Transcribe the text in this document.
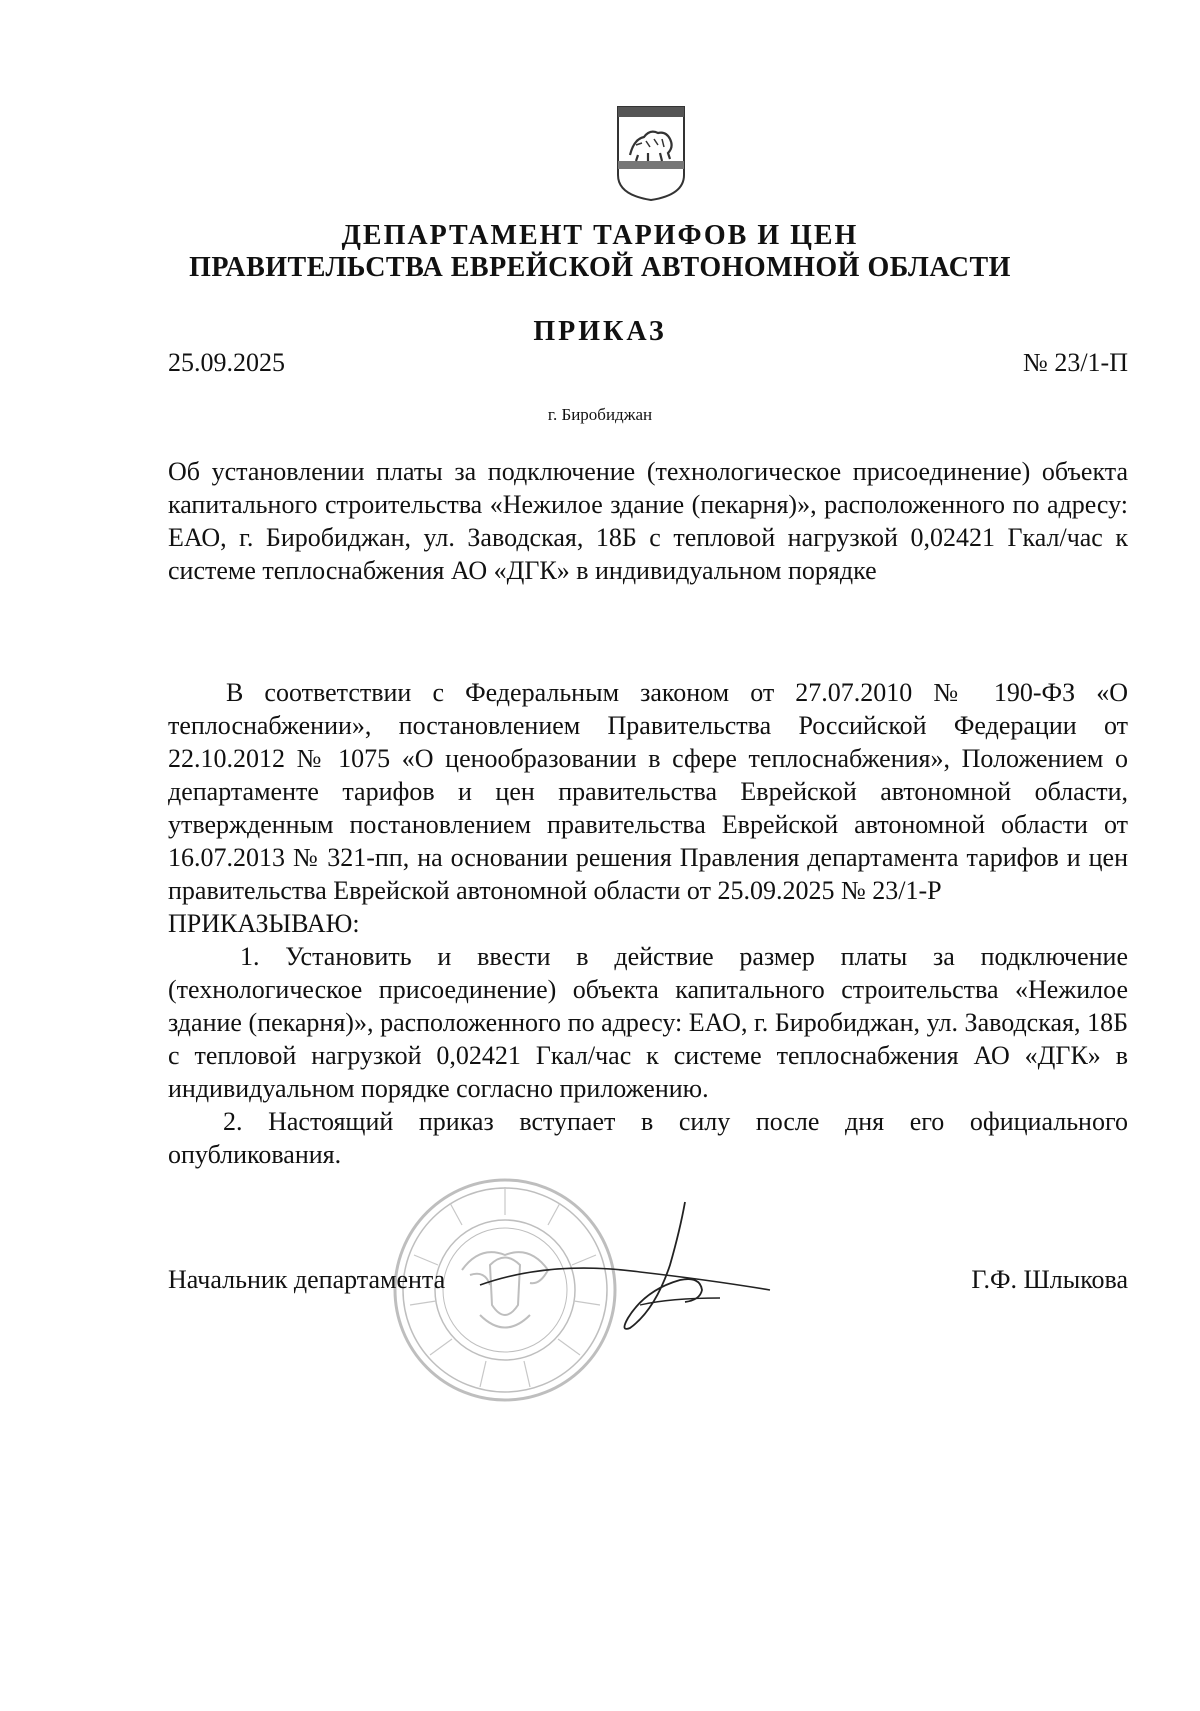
ДЕПАРТАМЕНТ ТАРИФОВ И ЦЕН
ПРАВИТЕЛЬСТВА ЕВРЕЙСКОЙ АВТОНОМНОЙ ОБЛАСТИ
ПРИКАЗ
25.09.2025	№ 23/1-П
г. Биробиджан
Об установлении платы за подключение (технологическое присоединение) объекта капитального строительства «Нежилое здание (пекарня)», расположенного по адресу: ЕАО, г. Биробиджан, ул. Заводская, 18Б с тепловой нагрузкой 0,02421 Гкал/час к системе теплоснабжения АО «ДГК» в индивидуальном порядке

В соответствии с Федеральным законом от 27.07.2010 № 190-ФЗ «О теплоснабжении», постановлением Правительства Российской Федерации от 22.10.2012 № 1075 «О ценообразовании в сфере теплоснабжения», Положением о департаменте тарифов и цен правительства Еврейской автономной области, утвержденным постановлением правительства Еврейской автономной области от 16.07.2013 № 321-пп, на основании решения Правления департамента тарифов и цен правительства Еврейской автономной области от 25.09.2025 № 23/1-Р

ПРИКАЗЫВАЮ:

1. Установить и ввести в действие размер платы за подключение (технологическое присоединение) объекта капитального строительства «Нежилое здание (пекарня)», расположенного по адресу: ЕАО, г. Биробиджан, ул. Заводская, 18Б с тепловой нагрузкой 0,02421 Гкал/час к системе теплоснабжения АО «ДГК» в индивидуальном порядке согласно приложению.

2. Настоящий приказ вступает в силу после дня его официального опубликования.

Начальник департамента	Г.Ф. Шлыкова
